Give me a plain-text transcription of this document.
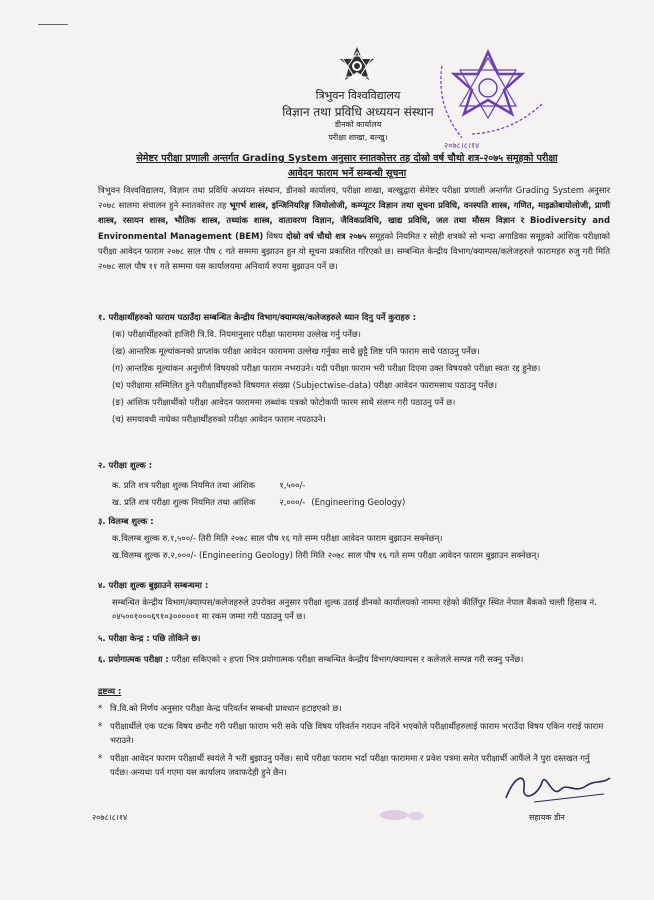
२०७८।८।१४
त्रिभुवन विश्वविद्यालय
विज्ञान तथा प्रविधि अध्ययन संस्थान
डीनको कार्यालय
परीक्षा शाखा, बल्खु।
सेमेष्टर परीक्षा प्रणाली अन्तर्गत Grading System अनुसार स्नातकोत्तर तह दोस्रो वर्ष चौथो शत्र-२०७५ समूहको परीक्षा
आवेदन फाराम भर्ने सम्बन्धी सूचना
त्रिभुवन विश्वविद्यालय, विज्ञान तथा प्रविधि अध्ययन संस्थान, डीनको कार्यालय, परीक्षा शाखा, बल्खुद्वारा सेमेष्टर परीक्षा प्रणाली अन्तर्गत Grading System अनुसार २०७८ सालमा संचालन हुने स्नातकोत्तर तह भूगर्भ शास्त्र, इन्जिनियरिङ्ग जियोलोजी, कम्प्यूटर विज्ञान तथा सूचना प्रविधि, वनस्पति शास्त्र, गणित, माइक्रोबायोलोजी, प्राणी शास्त्र, रसायन शास्त्र, भौतिक शास्त्र, तथ्यांक शास्त्र, वातावरण विज्ञान, जैविकप्रविधि, खाद्य प्रविधि, जल तथा मौसम विज्ञान र Biodiversity and Environmental Management (BEM) विषय दोस्रो वर्ष चौथो शत्र २०७५ समूहको नियमित र सोही शत्रको सो भन्दा अगाडिका समूहको आंशिक परीक्षाको परीक्षा आवेदन फाराम २०७८ साल पौष ८ गते सम्ममा बुझाउन हुन यो सूचना प्रकाशित गरिएको छ। सम्बन्धित केन्द्रीय विभाग/क्याम्पस/कलेजहरुले फारामहरु रुजु गरी मिति २०७८ साल पौष ११ गते सम्ममा यस कार्यालयमा अनिवार्य रुपमा बुझाउन पर्ने छ।
१. परीक्षार्थीहरुको फाराम पठाउँदा सम्बन्धित केन्द्रीय विभाग/क्याम्पस/कलेजहरुले ध्यान दिनु पर्ने कुराहरु :
(क) परीक्षार्थीहरुको हाजिरी त्रि.वि. नियमानुसार परीक्षा फाराममा उल्लेख गर्नु पर्नेछ।
(ख) आन्तरिक मूल्यांकनको प्राप्तांक परीक्षा आवेदन फाराममा उल्लेख गर्नुका साथै छुट्टै लिष्ट पनि फाराम साथै पठाउनु पर्नेछ।
(ग) आन्तरिक मूल्यांकन अनुत्तीर्ण विषयको परीक्षा फाराम नभराउने। यदी परीक्षा फाराम भरी परीक्षा दिएमा उक्त विषयको परीक्षा स्वतः रद्द हुनेछ।
(घ) परीक्षामा सम्मिलित हुने परीक्षार्थीहरुको विषयगत संख्या (Subjectwise-data) परीक्षा आवेदन फारामसाथ पठाउनु पर्नेछ।
(ङ) आंशिक परीक्षार्थीको परीक्षा आवेदन फाराममा लब्धांक पत्रको फोटोकपी फारम साथै संलग्न गरी पठाउनु पर्ने छ।
(च) समयावधी नाघेका परीक्षार्थीहरुको परीक्षा आवेदन फाराम नपठाउने।
२. परीक्षा शुल्क :
क. प्रति शत्र परीक्षा शुल्क नियमित तथा आंशिक	१,५००/-	
ख. प्रति शत्र परीक्षा शुल्क नियमित तथा आंशिक	२,०००/-	(Engineering Geology)
३. विलम्ब शुल्क :
क.विलम्ब शुल्क रु.१,५००/- तिरी मिति २०७८ साल पौष १६ गते सम्म परीक्षा आवेदन फाराम बुझाउन सक्नेछन्।
ख.विलम्ब शुल्क रु.२,०००/- (Engineering Geology) तिरी मिति २०७८ साल पौष १६ गते सम्म परीक्षा आवेदन फाराम बुझाउन सक्नेछन्।
४. परीक्षा शुल्क बुझाउने सम्बन्धमा :
सम्बन्धित केन्द्रीय विभाग/क्याम्पस/कलेजहरुले उपरोक्त अनुसार परीक्षा शुल्क उठाई डीनको कार्यालयको नाममा रहेको कीर्तिपुर स्थित नेपाल बैंकको चल्ती हिसाब नं. ०४५००१०००६९१०३०००००१ मा रकम जम्मा गरी पठाउनु पर्ने छ।
५. परीक्षा केन्द्र : पछि तोकिने छ।
६. प्रयोगात्मक परीक्षा : परीक्षा सकिएको २ हप्ता भित्र प्रयोगात्मक परीक्षा सम्बन्धित केन्द्रीय विभाग/क्याम्पस र कलेजले सम्पन्न गरी सक्नु पर्नेछ।
द्रष्टव्य :
* त्रि.वि.को निर्णय अनुसार परीक्षा केन्द्र परिवर्तन सम्बन्धी प्रावधान हटाइएको छ।
* परीक्षार्थीले एक पटक विषय छनौट गरी परीक्षा फाराम भरी सके पछि विषय परिवर्तन गराउन नदिने भएकोले परीक्षार्थीहरुलाई फाराम भराउँदा विषय एकिन गराई फाराम भराउने।
* परीक्षा आवेदन फाराम परीक्षार्थी स्वयंले नै भरी बुझाउनु पर्नेछ। साथै परीक्षा फाराम भर्दा परीक्षा फाराममा र प्रवेश पत्रमा समेत परीक्षार्थी आफैंले नै पुरा दस्तखत गर्नु पर्दछ। अन्यथा पर्न गएमा यस कार्यालय जवाफदेही हुने छैन।
२०७८।८।१४	सहायक डीन
